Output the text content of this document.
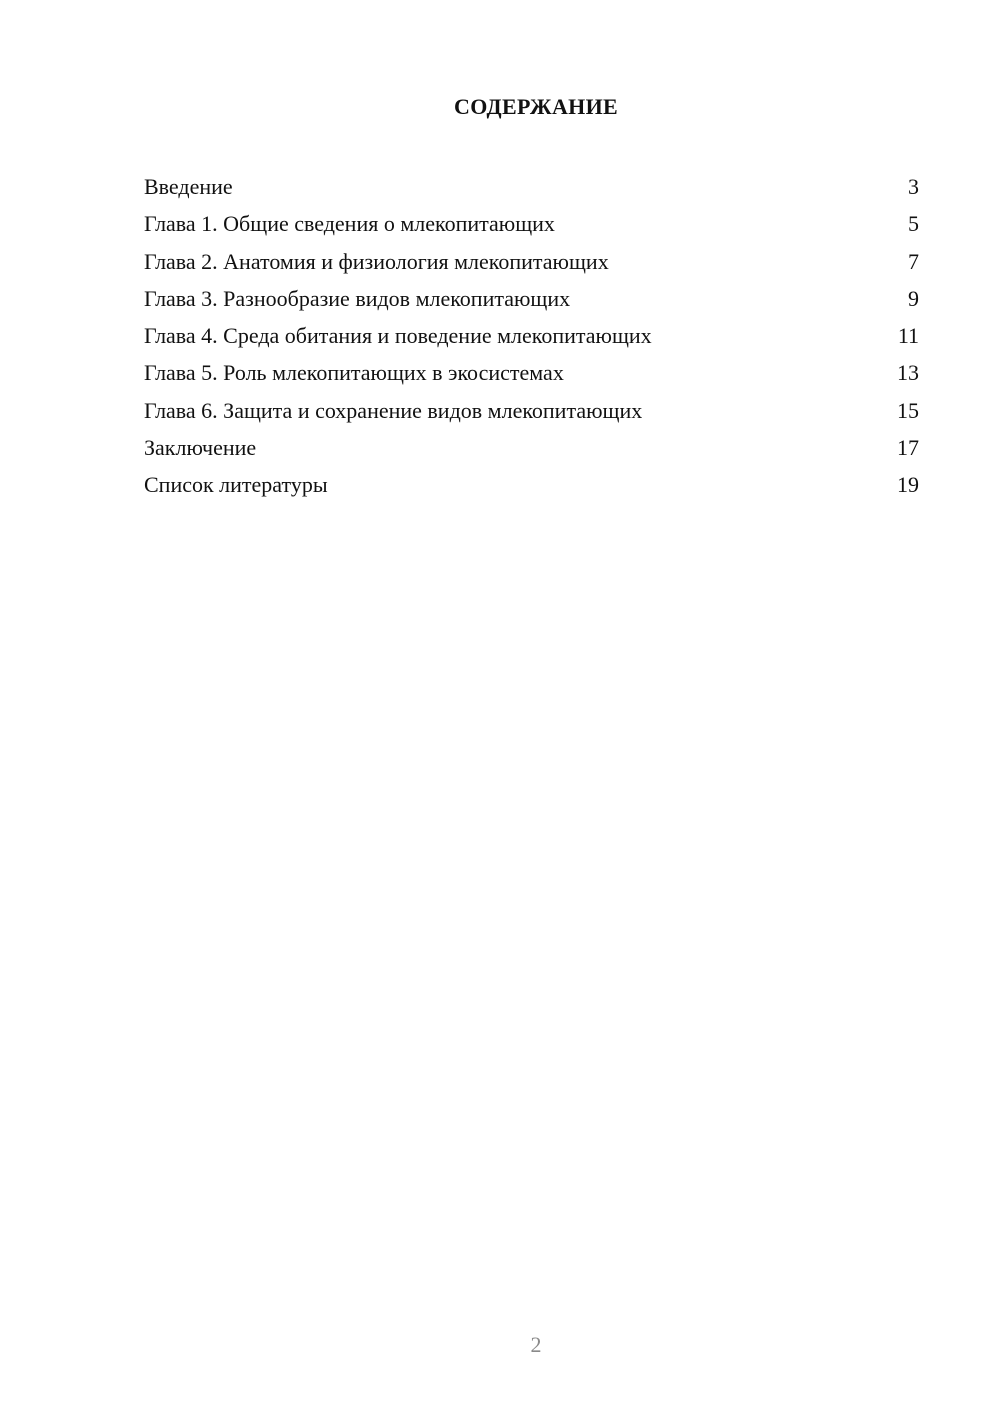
СОДЕРЖАНИЕ
Введение	3
Глава 1. Общие сведения о млекопитающих	5
Глава 2. Анатомия и физиология млекопитающих	7
Глава 3. Разнообразие видов млекопитающих	9
Глава 4. Среда обитания и поведение млекопитающих	11
Глава 5. Роль млекопитающих в экосистемах	13
Глава 6. Защита и сохранение видов млекопитающих	15
Заключение	17
Список литературы	19
2
